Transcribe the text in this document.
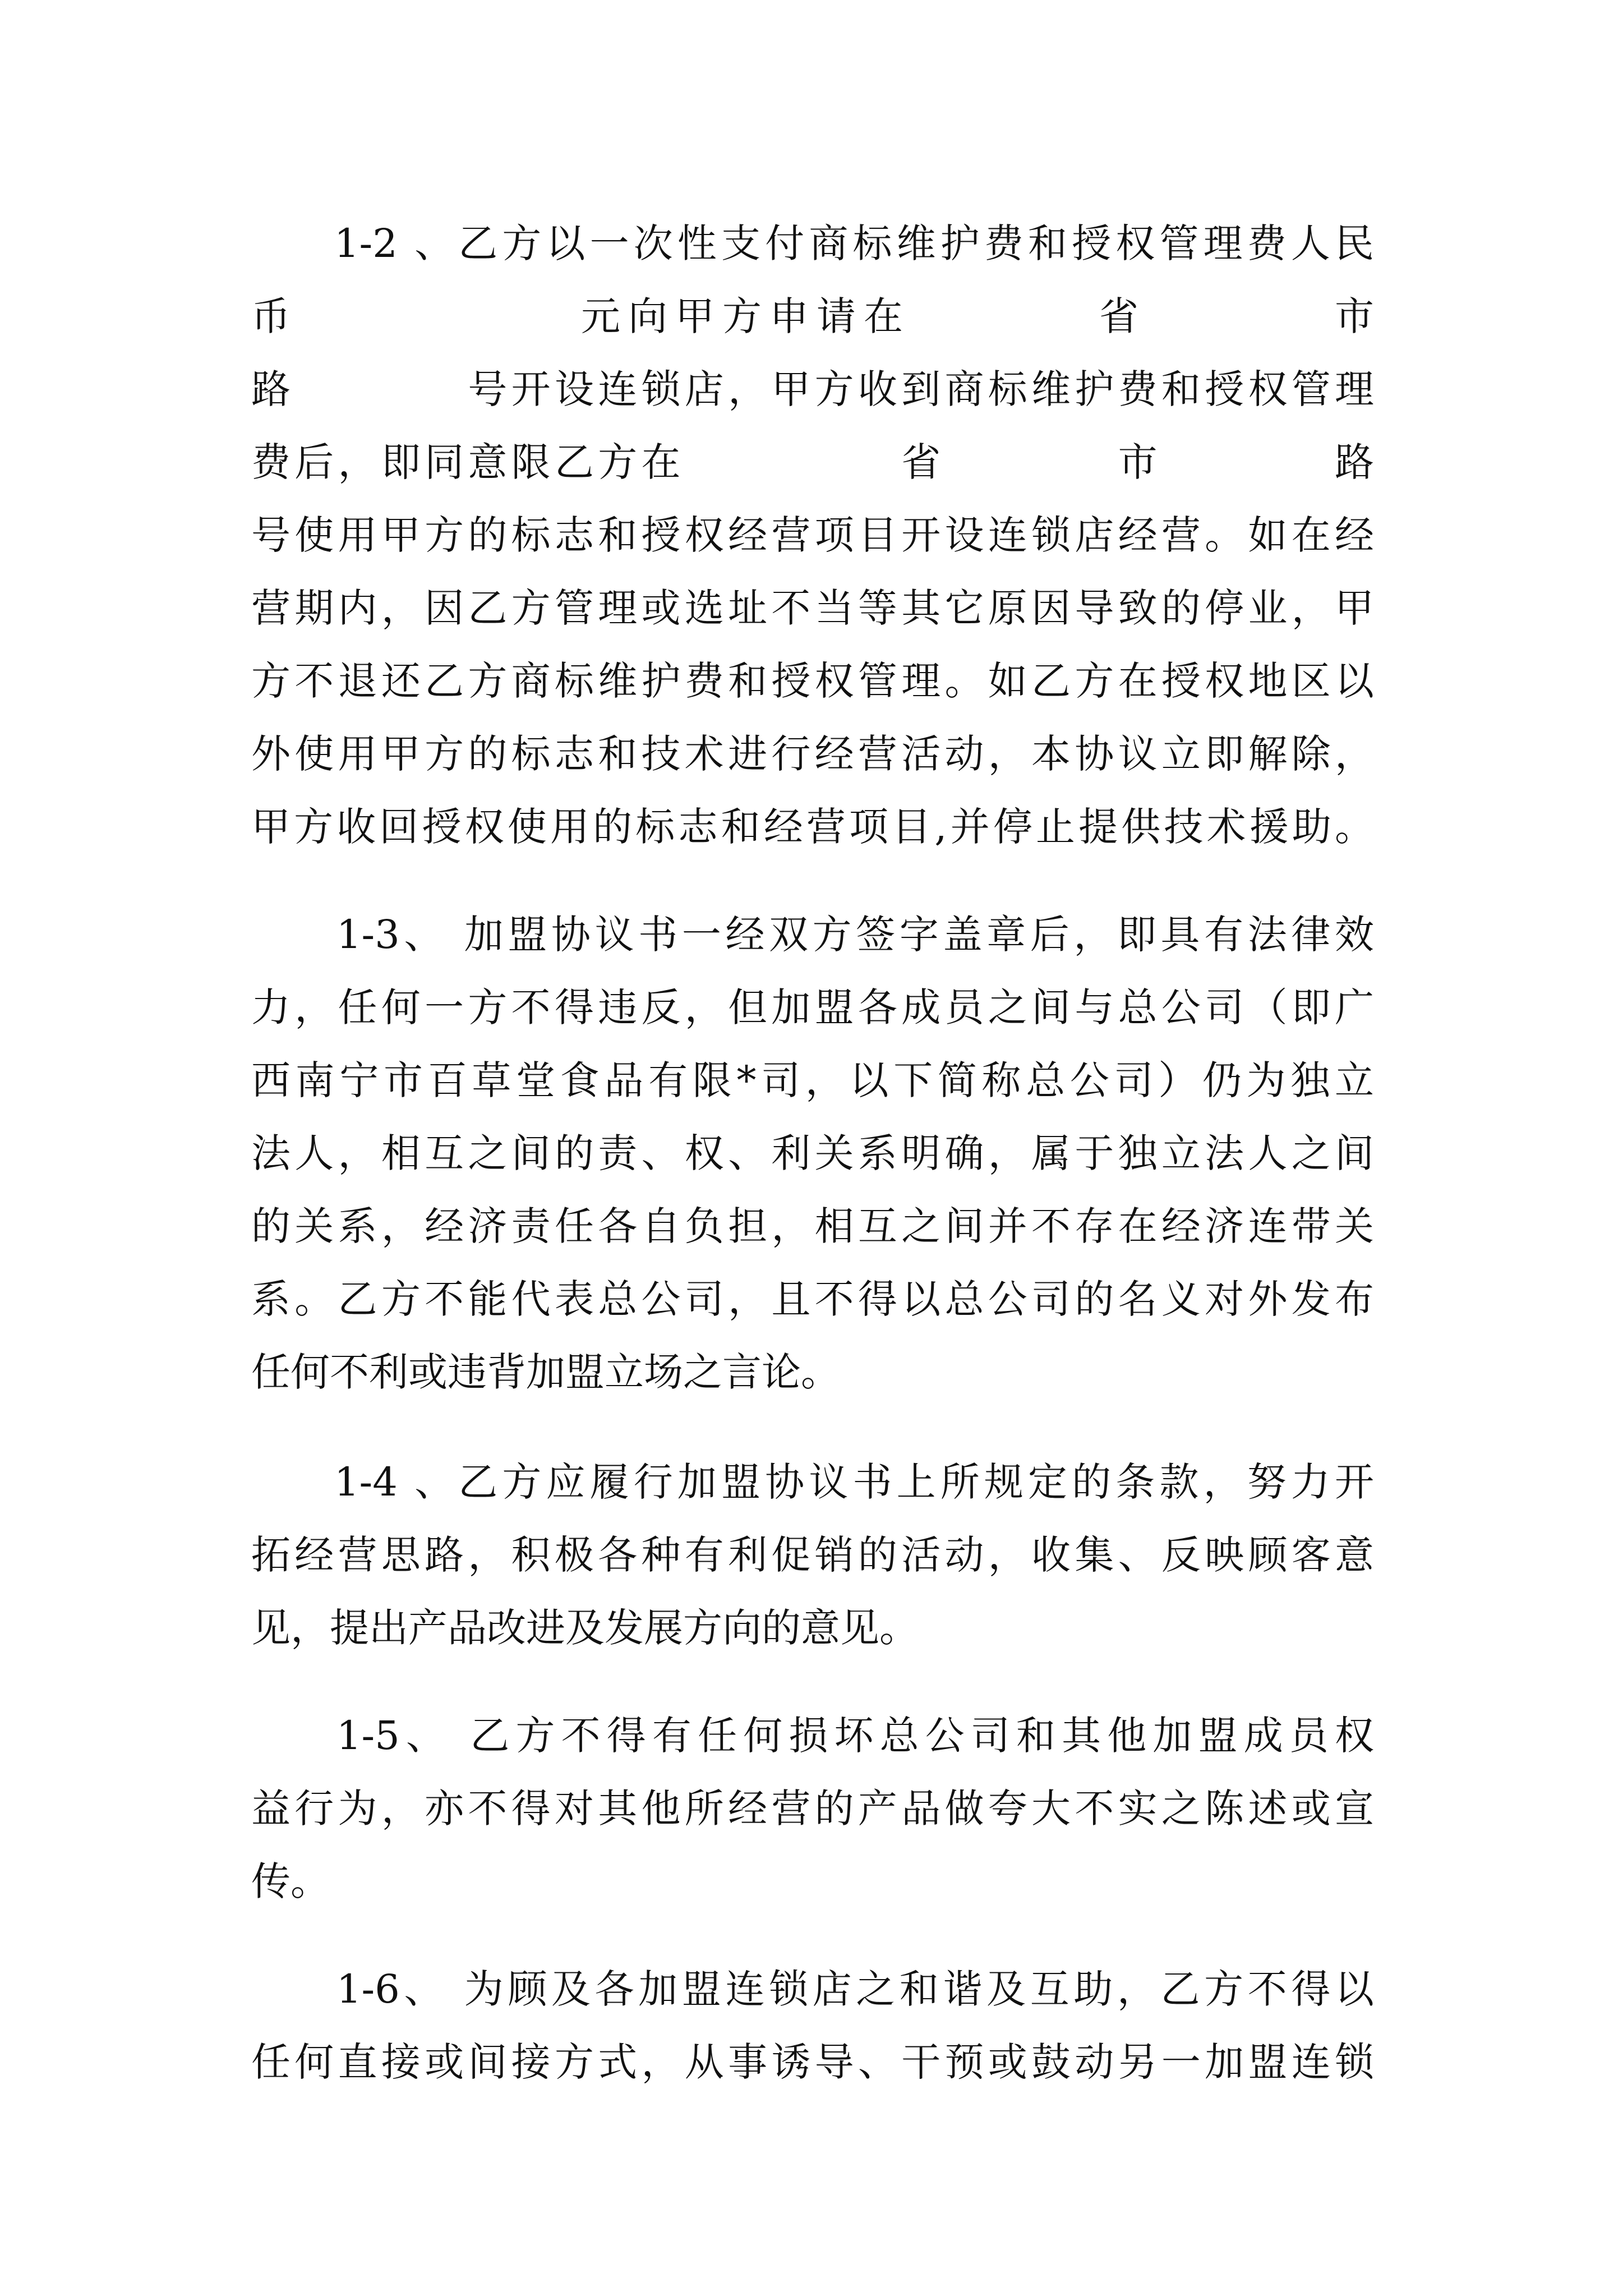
1-2 、乙方以一次性支付商标维护费和授权管理费人民
币　　　　　　元向甲方申请在　　　　省　　　　市
路　　　　号开设连锁店，甲方收到商标维护费和授权管理
费后，即同意限乙方在　　　　　省　　　　市　　　　路
号使用甲方的标志和授权经营项目开设连锁店经营。如在经
营期内，因乙方管理或选址不当等其它原因导致的停业，甲
方不退还乙方商标维护费和授权管理。如乙方在授权地区以
外使用甲方的标志和技术进行经营活动，本协议立即解除，
甲方收回授权使用的标志和经营项目,并停止提供技术援助。
1-3、 加盟协议书一经双方签字盖章后，即具有法律效
力，任何一方不得违反，但加盟各成员之间与总公司（即广
西南宁市百草堂食品有限*司，以下简称总公司）仍为独立
法人，相互之间的责、权、利关系明确，属于独立法人之间
的关系，经济责任各自负担，相互之间并不存在经济连带关
系。乙方不能代表总公司，且不得以总公司的名义对外发布
任何不利或违背加盟立场之言论。
1-4 、乙方应履行加盟协议书上所规定的条款，努力开
拓经营思路，积极各种有利促销的活动，收集、反映顾客意
见，提出产品改进及发展方向的意见。
1-5、 乙方不得有任何损坏总公司和其他加盟成员权
益行为，亦不得对其他所经营的产品做夸大不实之陈述或宣
传。
1-6、 为顾及各加盟连锁店之和谐及互助，乙方不得以
任何直接或间接方式，从事诱导、干预或鼓动另一加盟连锁
